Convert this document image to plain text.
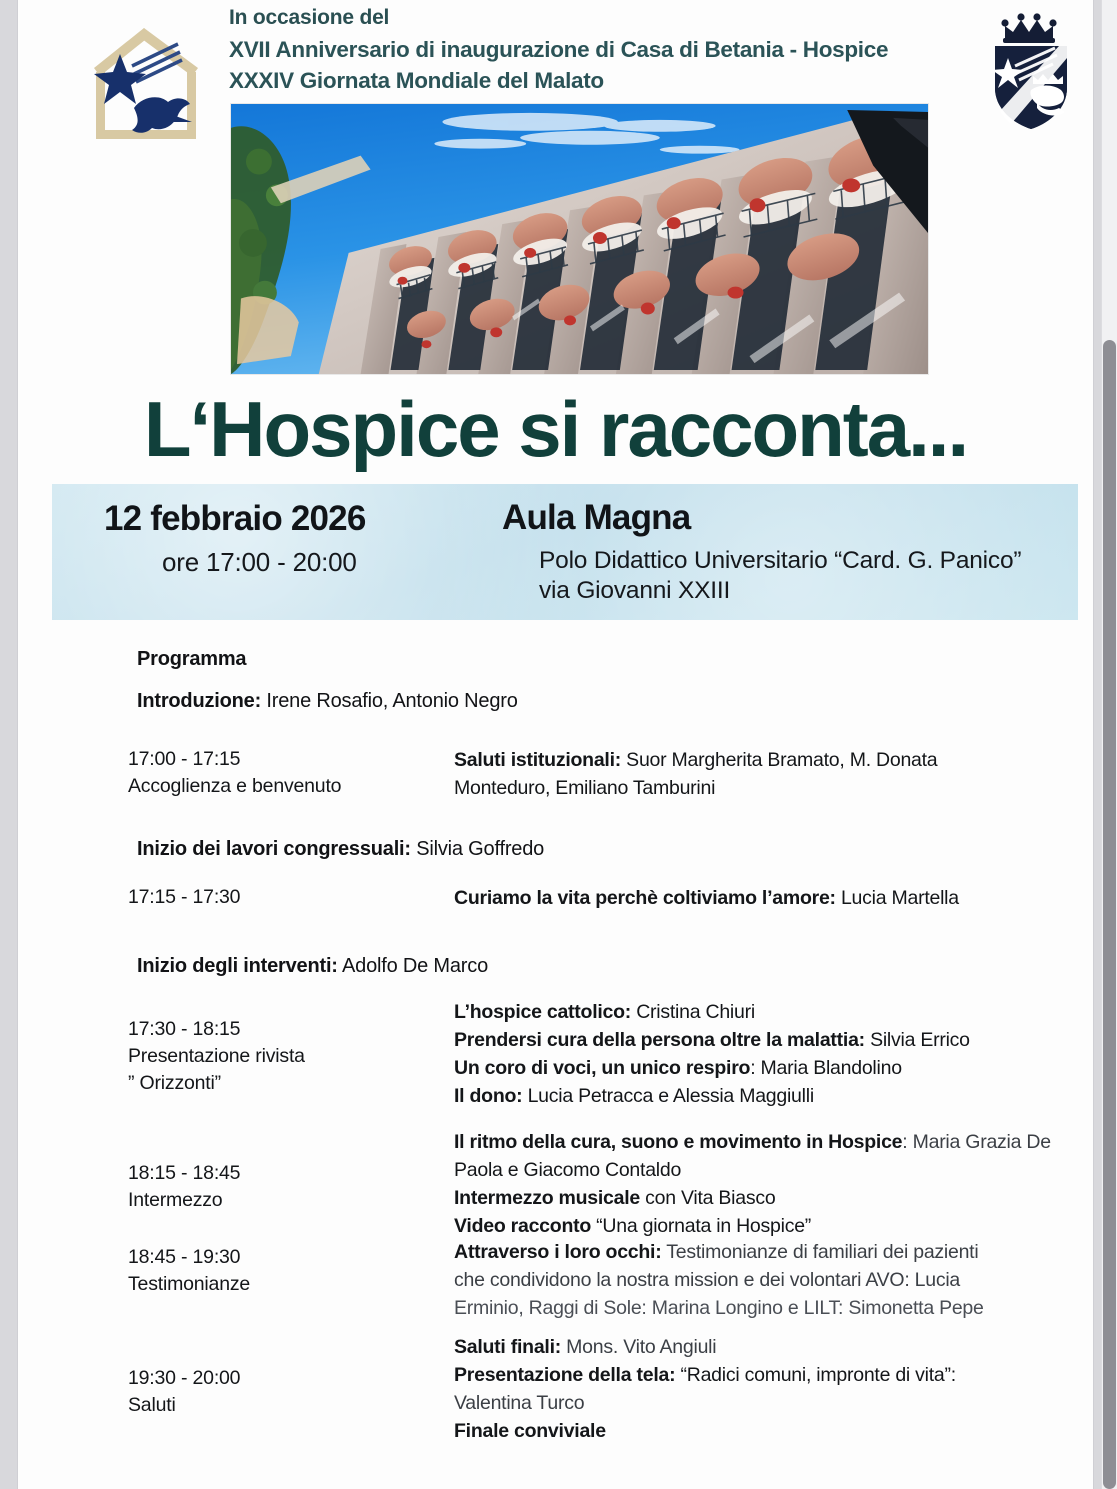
In occasione del
XVII Anniversario di inaugurazione di Casa di Betania - Hospice
XXXIV Giornata Mondiale del Malato
L‘Hospice si racconta...
12 febbraio 2026
ore 17:00 - 20:00
Aula Magna
Polo Didattico Universitario “Card. G. Panico”
via Giovanni XXIII
Programma
Introduzione: Irene Rosafio, Antonio Negro
17:00 - 17:15
Accoglienza e benvenuto
Saluti istituzionali: Suor Margherita Bramato, M. Donata
Monteduro, Emiliano Tamburini
Inizio dei lavori congressuali: Silvia Goffredo
17:15 - 17:30	Curiamo la vita perchè coltiviamo l’amore: Lucia Martella
Inizio degli interventi: Adolfo De Marco
17:30 - 18:15
Presentazione rivista
” Orizzonti”
L’hospice cattolico: Cristina Chiuri
Prendersi cura della persona oltre la malattia: Silvia Errico
Un coro di voci, un unico respiro: Maria Blandolino
Il dono: Lucia Petracca e Alessia Maggiulli
18:15 - 18:45
Intermezzo
Il ritmo della cura, suono e movimento in Hospice: Maria Grazia De
Paola e Giacomo Contaldo
Intermezzo musicale con Vita Biasco
Video racconto “Una giornata in Hospice”
18:45 - 19:30
Testimonianze
Attraverso i loro occhi: Testimonianze di familiari dei pazienti
che condividono la nostra mission e dei volontari AVO: Lucia
Erminio, Raggi di Sole: Marina Longino e LILT: Simonetta Pepe
19:30 - 20:00
Saluti
Saluti finali: Mons. Vito Angiuli
Presentazione della tela: “Radici comuni, impronte di vita”:
Valentina Turco
Finale conviviale
